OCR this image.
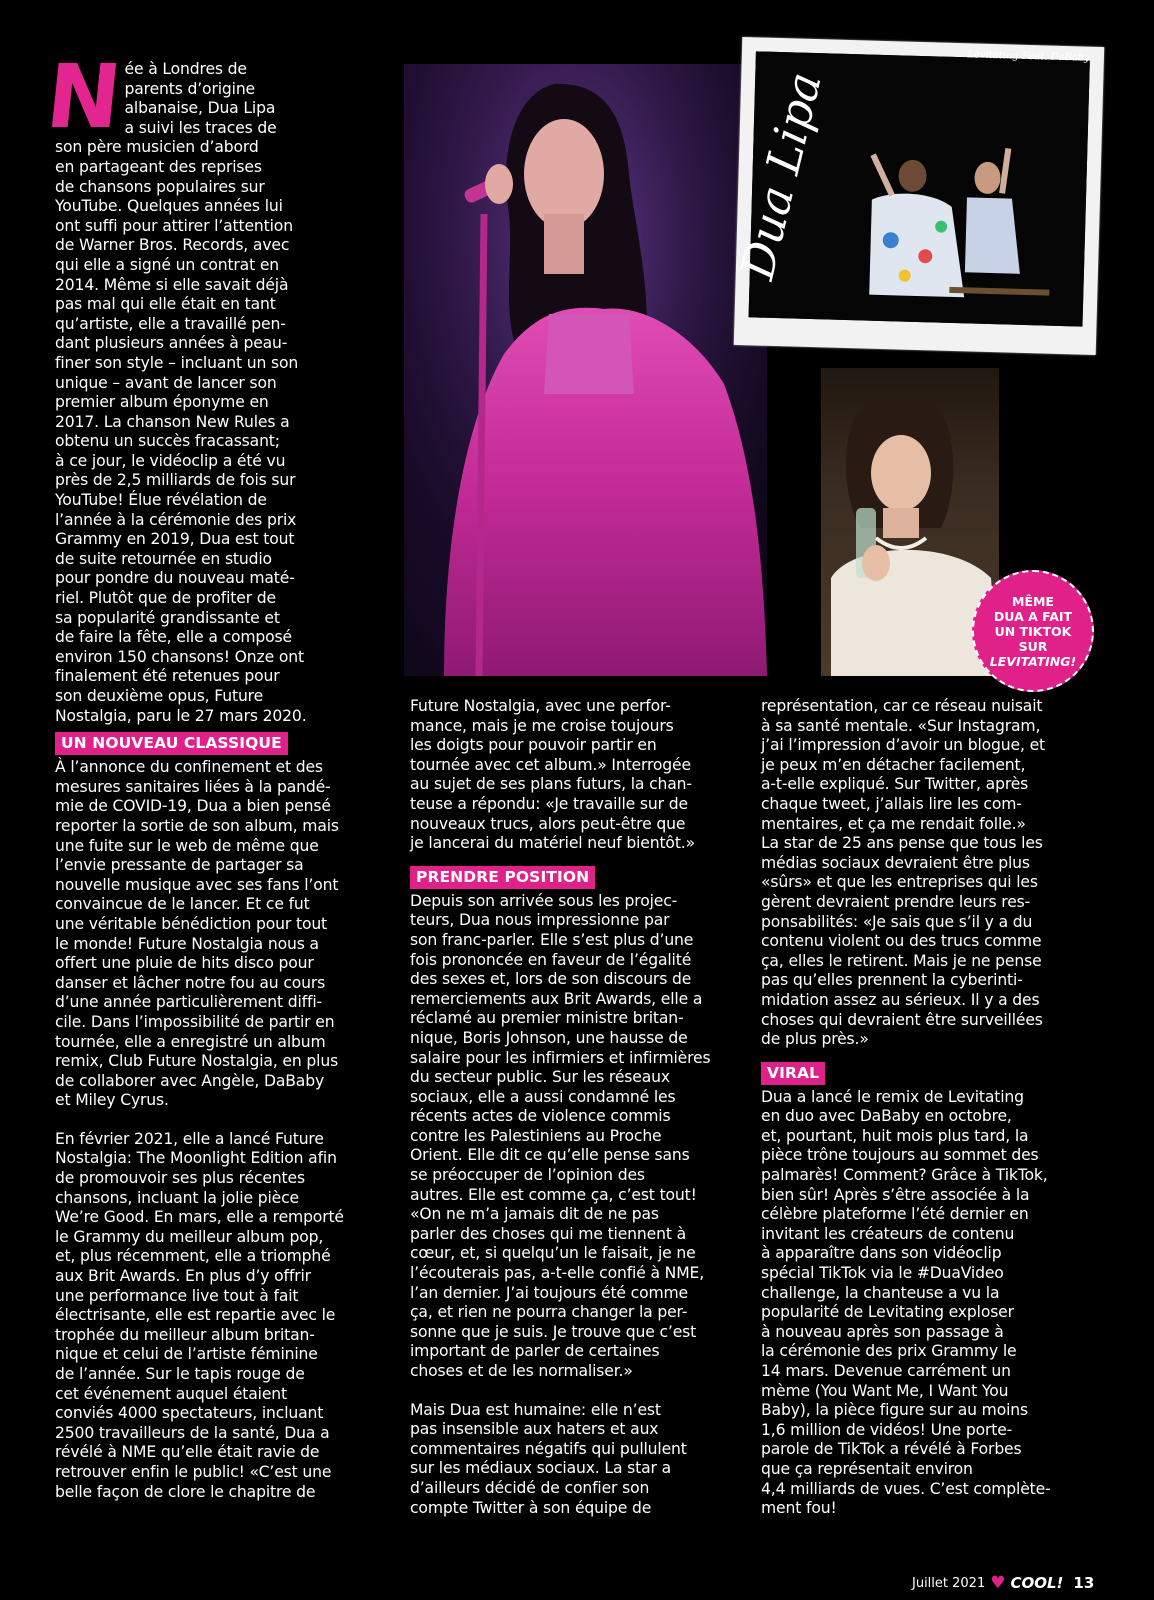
N

ée à Londres de
parents d’origine
albanaise, Dua Lipa
a suivi les traces de
son père musicien d’abord
en partageant des reprises
de chansons populaires sur
YouTube. Quelques années lui
ont suffi pour attirer l’attention
de Warner Bros. Records, avec
qui elle a signé un contrat en
2014. Même si elle savait déjà
pas mal qui elle était en tant
qu’artiste, elle a travaillé pen-
dant plusieurs années à peau-
finer son style – incluant un son
unique – avant de lancer son
premier album éponyme en
2017. La chanson New Rules a
obtenu un succès fracassant;
à ce jour, le vidéoclip a été vu
près de 2,5 milliards de fois sur
YouTube! Élue révélation de
l’année à la cérémonie des prix
Grammy en 2019, Dua est tout
de suite retournée en studio
pour pondre du nouveau maté-
riel. Plutôt que de profiter de
sa popularité grandissante et
de faire la fête, elle a composé
environ 150 chansons! Onze ont
finalement été retenues pour
son deuxième opus, Future
Nostalgia, paru le 27 mars 2020.

UN NOUVEAU CLASSIQUE

À l’annonce du confinement et des
mesures sanitaires liées à la pandé-
mie de COVID-19, Dua a bien pensé
reporter la sortie de son album, mais
une fuite sur le web de même que
l’envie pressante de partager sa
nouvelle musique avec ses fans l’ont
convaincue de le lancer. Et ce fut
une véritable bénédiction pour tout
le monde! Future Nostalgia nous a
offert une pluie de hits disco pour
danser et lâcher notre fou au cours
d’une année particulièrement diffi-
cile. Dans l’impossibilité de partir en
tournée, elle a enregistré un album
remix, Club Future Nostalgia, en plus
de collaborer avec Angèle, DaBaby
et Miley Cyrus.

En février 2021, elle a lancé Future
Nostalgia: The Moonlight Edition afin
de promouvoir ses plus récentes
chansons, incluant la jolie pièce
We’re Good. En mars, elle a remporté
le Grammy du meilleur album pop,
et, plus récemment, elle a triomphé
aux Brit Awards. En plus d’y offrir
une performance live tout à fait
électrisante, elle est repartie avec le
trophée du meilleur album britan-
nique et celui de l’artiste féminine
de l’année. Sur le tapis rouge de
cet événement auquel étaient
conviés 4000 spectateurs, incluant
2500 travailleurs de la santé, Dua a
révélé à NME qu’elle était ravie de
retrouver enfin le public! «C’est une
belle façon de clore le chapitre de

Dua Lipa
Levitating Feat. DaBaby
MÊME
DUA A FAIT
UN TIKTOK SUR
LEVITATING!

Future Nostalgia, avec une perfor-
mance, mais je me croise toujours
les doigts pour pouvoir partir en
tournée avec cet album.» Interrogée
au sujet de ses plans futurs, la chan-
teuse a répondu: «Je travaille sur de
nouveaux trucs, alors peut-être que
je lancerai du matériel neuf bientôt.»

PRENDRE POSITION

Depuis son arrivée sous les projec-
teurs, Dua nous impressionne par
son franc-parler. Elle s’est plus d’une
fois prononcée en faveur de l’égalité
des sexes et, lors de son discours de
remerciements aux Brit Awards, elle a
réclamé au premier ministre britan-
nique, Boris Johnson, une hausse de
salaire pour les infirmiers et infirmières
du secteur public. Sur les réseaux
sociaux, elle a aussi condamné les
récents actes de violence commis
contre les Palestiniens au Proche
Orient. Elle dit ce qu’elle pense sans
se préoccuper de l’opinion des
autres. Elle est comme ça, c’est tout!
«On ne m’a jamais dit de ne pas
parler des choses qui me tiennent à
cœur, et, si quelqu’un le faisait, je ne
l’écouterais pas, a-t-elle confié à NME,
l’an dernier. J’ai toujours été comme
ça, et rien ne pourra changer la per-
sonne que je suis. Je trouve que c’est
important de parler de certaines
choses et de les normaliser.»

Mais Dua est humaine: elle n’est
pas insensible aux haters et aux
commentaires négatifs qui pullulent
sur les médiaux sociaux. La star a
d’ailleurs décidé de confier son
compte Twitter à son équipe de

représentation, car ce réseau nuisait
à sa santé mentale. «Sur Instagram,
j’ai l’impression d’avoir un blogue, et
je peux m’en détacher facilement,
a-t-elle expliqué. Sur Twitter, après
chaque tweet, j’allais lire les com-
mentaires, et ça me rendait folle.»
La star de 25 ans pense que tous les
médias sociaux devraient être plus
«sûrs» et que les entreprises qui les
gèrent devraient prendre leurs res-
ponsabilités: «Je sais que s’il y a du
contenu violent ou des trucs comme
ça, elles le retirent. Mais je ne pense
pas qu’elles prennent la cyberinti-
midation assez au sérieux. Il y a des
choses qui devraient être surveillées
de plus près.»

VIRAL

Dua a lancé le remix de Levitating
en duo avec DaBaby en octobre,
et, pourtant, huit mois plus tard, la
pièce trône toujours au sommet des
palmarès! Comment? Grâce à TikTok,
bien sûr! Après s’être associée à la
célèbre plateforme l’été dernier en
invitant les créateurs de contenu
à apparaître dans son vidéoclip
spécial TikTok via le #DuaVideo
challenge, la chanteuse a vu la
popularité de Levitating exploser
à nouveau après son passage à
la cérémonie des prix Grammy le
14 mars. Devenue carrément un
mème (You Want Me, I Want You
Baby), la pièce figure sur au moins
1,6 million de vidéos! Une porte-
parole de TikTok a révélé à Forbes
que ça représentait environ
4,4 milliards de vues. C’est complète-
ment fou!

Juillet 2021 ♥ COOL! 13
